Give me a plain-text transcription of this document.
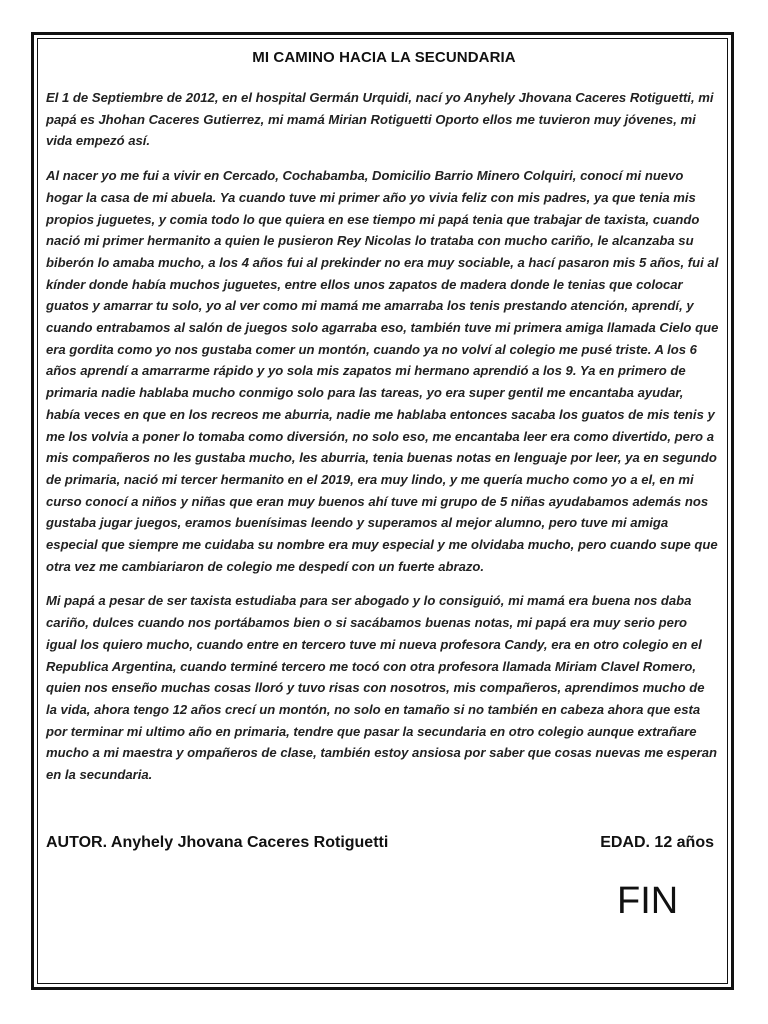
MI CAMINO HACIA LA SECUNDARIA

El 1 de Septiembre de 2012, en el hospital Germán Urquidi, nací yo Anyhely Jhovana Caceres Rotiguetti, mi papá es Jhohan Caceres Gutierrez, mi mamá Mirian Rotiguetti Oporto ellos me tuvieron muy jóvenes, mi vida empezó así.

Al nacer yo me fui a vivir en Cercado, Cochabamba, Domicilio Barrio Minero Colquiri, conocí mi nuevo hogar la casa de mi abuela. Ya cuando tuve mi primer año yo vivia feliz con mis padres, ya que tenia mis propios juguetes, y comia todo lo que quiera en ese tiempo mi papá tenia que trabajar de taxista, cuando nació mi primer hermanito a quien le pusieron Rey Nicolas lo trataba con mucho cariño, le alcanzaba su biberón lo amaba mucho, a los 4 años fui al prekinder no era muy sociable, a hací pasaron mis 5 años, fui al kínder donde había muchos juguetes, entre ellos unos zapatos de madera donde le tenias que colocar guatos y amarrar tu solo, yo al ver como mi mamá me amarraba los tenis prestando atención, aprendí, y cuando entrabamos al salón de juegos solo agarraba eso, también tuve mi primera amiga llamada Cielo que era gordita como yo nos gustaba comer un montón, cuando ya no volví al colegio me pusé triste. A los 6 años aprendí a amarrarme rápido y yo sola mis zapatos mi hermano aprendió a los 9. Ya en primero de primaria nadie hablaba mucho conmigo solo para las tareas, yo era super gentil me encantaba ayudar, había veces en que en los recreos me aburria, nadie me hablaba entonces sacaba los guatos de mis tenis y me los volvia a poner lo tomaba como diversión, no solo eso, me encantaba leer era como divertido, pero a mis compañeros no les gustaba mucho, les aburria, tenia buenas notas en lenguaje por leer, ya en segundo de primaria, nació mi tercer hermanito en el 2019, era muy lindo, y me quería mucho como yo a el, en mi curso conocí a niños y niñas que eran muy buenos ahí tuve mi grupo de 5 niñas ayudabamos además nos gustaba jugar juegos, eramos buenísimas leendo y superamos al mejor alumno, pero tuve mi amiga especial que siempre me cuidaba su nombre era muy especial y me olvidaba mucho, pero cuando supe que otra vez me cambiariaron de colegio me despedí con un fuerte abrazo.

Mi papá a pesar de ser taxista estudiaba para ser abogado y lo consiguió, mi mamá era buena nos daba cariño, dulces cuando nos portábamos bien o si sacábamos buenas notas, mi papá era muy serio pero igual los quiero mucho, cuando entre en tercero tuve mi nueva profesora Candy, era en otro colegio en el Republica Argentina, cuando terminé tercero me tocó con otra profesora llamada Miriam Clavel Romero, quien nos enseño muchas cosas lloró y tuvo risas con nosotros, mis compañeros, aprendimos mucho de la vida, ahora tengo 12 años crecí un montón, no solo en tamaño si no también en cabeza ahora que esta por terminar mi ultimo año en primaria, tendre que pasar la secundaria en otro colegio aunque extrañare mucho a mi maestra y ompañeros de clase, también estoy ansiosa por saber que cosas nuevas me esperan en la secundaria.

AUTOR. Anyhely Jhovana Caceres Rotiguetti	EDAD. 12 años
FIN
